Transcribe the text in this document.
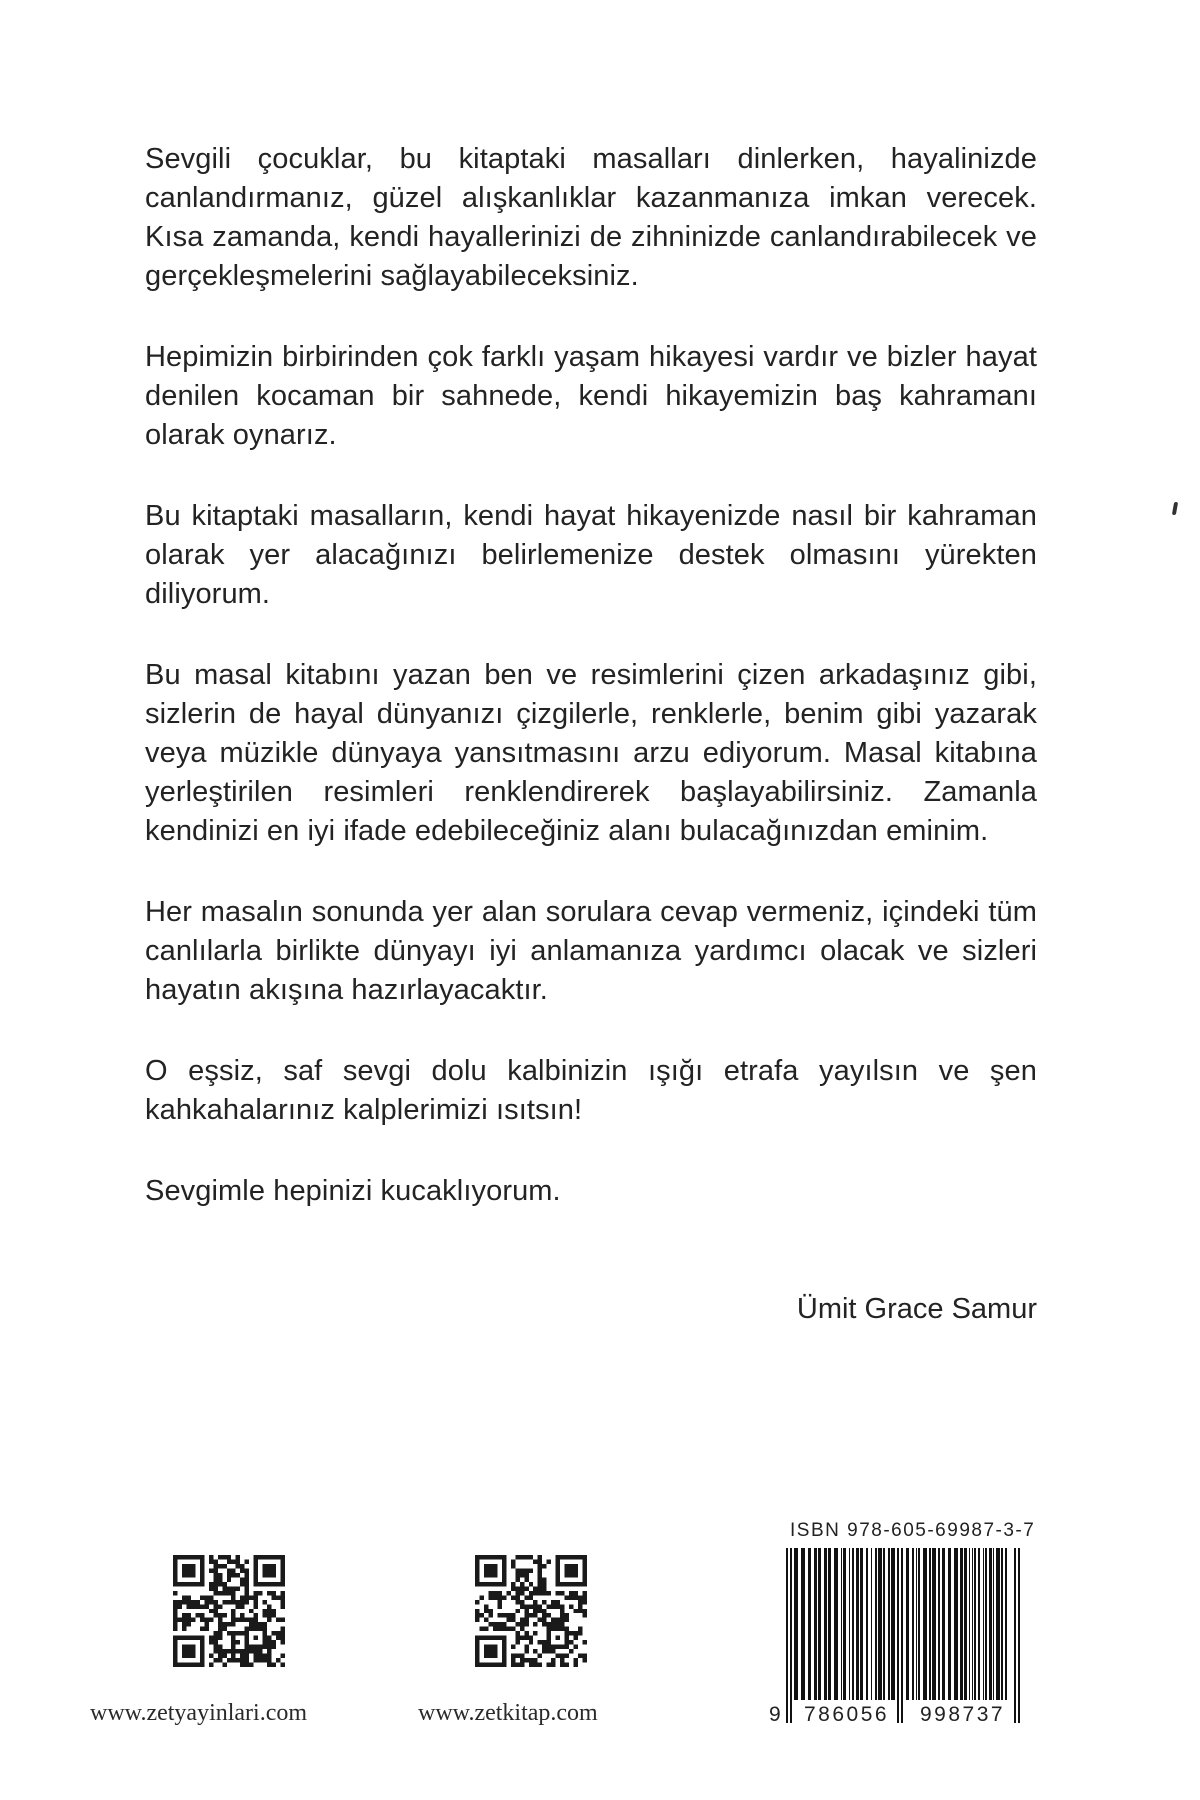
Sevgili çocuklar, bu kitaptaki masalları dinlerken, hayalinizde canlandırmanız, güzel alışkanlıklar kazanmanıza imkan verecek. Kısa zamanda, kendi hayallerinizi de zihninizde canlandırabilecek ve gerçekleşmelerini sağlayabileceksiniz.

Hepimizin birbirinden çok farklı yaşam hikayesi vardır ve bizler hayat denilen kocaman bir sahnede, kendi hikayemizin baş kahramanı olarak oynarız.

Bu kitaptaki masalların, kendi hayat hikayenizde nasıl bir kahraman olarak yer alacağınızı belirlemenize destek olmasını yürekten diliyorum.

Bu masal kitabını yazan ben ve resimlerini çizen arkadaşınız gibi, sizlerin de hayal dünyanızı çizgilerle, renklerle, benim gibi yazarak veya müzikle dünyaya yansıtmasını arzu ediyorum. Masal kitabına yerleştirilen resimleri renklendirerek başlayabilirsiniz. Zamanla kendinizi en iyi ifade edebileceğiniz alanı bulacağınızdan eminim.

Her masalın sonunda yer alan sorulara cevap vermeniz, içindeki tüm canlılarla birlikte dünyayı iyi anlamanıza yardımcı olacak ve sizleri hayatın akışına hazırlayacaktır.

O eşsiz, saf sevgi dolu kalbinizin ışığı etrafa yayılsın ve şen kahkahalarınız kalplerimizi ısıtsın!

Sevgimle hepinizi kucaklıyorum.

Ümit Grace Samur
www.zetyayinlari.com	www.zetkitap.com
ISBN 978-605-69987-3-7
9 786056 998737
